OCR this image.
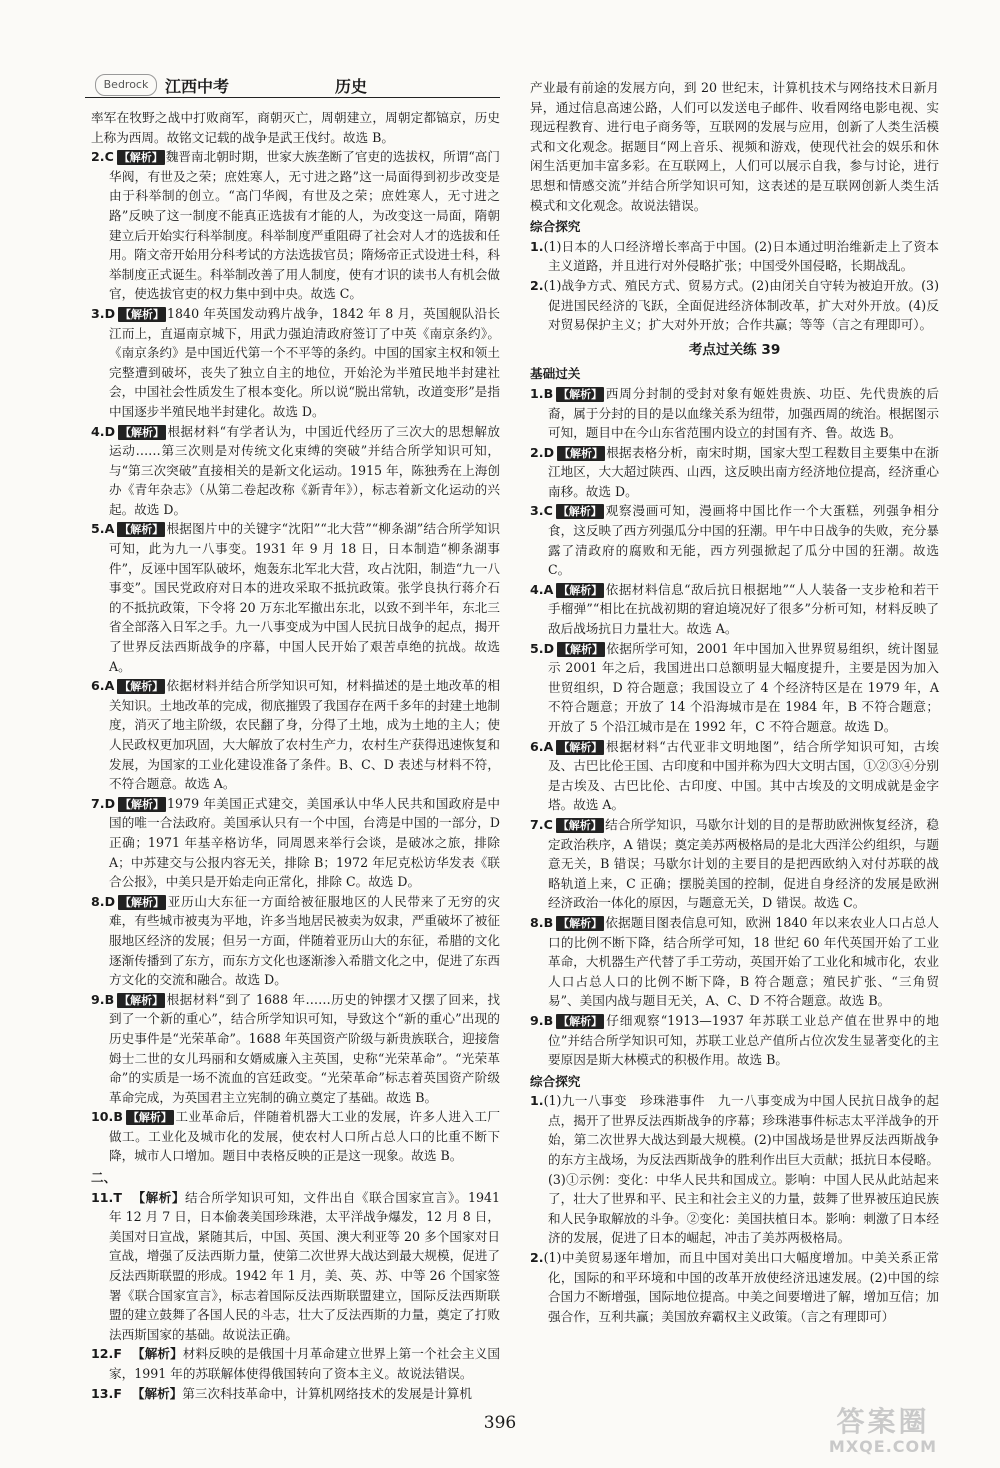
Bedrock	江西中考	历史

率军在牧野之战中打败商军，商朝灭亡，周朝建立，周朝定都镐京，历史上称为西周。故铭文记载的战争是武王伐纣。故选 B。

2.C 【解析】 魏晋南北朝时期，世家大族垄断了官吏的选拔权，所谓“高门华阀，有世及之荣；庶姓寒人，无寸进之路”这一局面得到初步改变是由于科举制的创立。“高门华阀，有世及之荣；庶姓寒人，无寸进之路”反映了这一制度不能真正选拔有才能的人，为改变这一局面，隋朝建立后开始实行科举制度。科举制度严重阻碍了社会对人才的选拔和任用。隋文帝开始用分科考试的方法选拔官员；隋炀帝正式设进士科，科举制度正式诞生。科举制改善了用人制度，使有才识的读书人有机会做官，使选拔官吏的权力集中到中央。故选 C。

3.D 【解析】 1840 年英国发动鸦片战争，1842 年 8 月，英国舰队沿长江而上，直逼南京城下，用武力强迫清政府签订了中英《南京条约》。《南京条约》是中国近代第一个不平等的条约。中国的国家主权和领土完整遭到破坏，丧失了独立自主的地位，开始沦为半殖民地半封建社会，中国社会性质发生了根本变化。所以说“脱出常轨，改道变形”是指中国逐步半殖民地半封建化。故选 D。

4.D 【解析】 根据材料“有学者认为，中国近代经历了三次大的思想解放运动……第三次则是对传统文化束缚的突破”并结合所学知识可知，与“第三次突破”直接相关的是新文化运动。1915 年，陈独秀在上海创办《青年杂志》（从第二卷起改称《新青年》），标志着新文化运动的兴起。故选 D。

5.A 【解析】 根据图片中的关键字“沈阳”“北大营”“柳条湖”结合所学知识可知，此为九一八事变。1931 年 9 月 18 日，日本制造“柳条湖事件”，反诬中国军队破坏，炮轰东北军北大营，攻占沈阳，制造“九一八事变”。国民党政府对日本的进攻采取不抵抗政策。张学良执行蒋介石的不抵抗政策，下令将 20 万东北军撤出东北，以致不到半年，东北三省全部落入日军之手。九一八事变成为中国人民抗日战争的起点，揭开了世界反法西斯战争的序幕，中国人民开始了艰苦卓绝的抗战。故选 A。

6.A 【解析】 依据材料并结合所学知识可知，材料描述的是土地改革的相关知识。土地改革的完成，彻底摧毁了我国存在两千多年的封建土地制度，消灭了地主阶级，农民翻了身，分得了土地，成为土地的主人；使人民政权更加巩固，大大解放了农村生产力，农村生产获得迅速恢复和发展，为国家的工业化建设准备了条件。B、C、D 表述与材料不符，不符合题意。故选 A。

7.D 【解析】 1979 年美国正式建交，美国承认中华人民共和国政府是中国的唯一合法政府。美国承认只有一个中国，台湾是中国的一部分，D 正确；1971 年基辛格访华，同周恩来举行会谈，是破冰之旅，排除 A；中苏建交与公报内容无关，排除 B；1972 年尼克松访华发表《联合公报》，中美只是开始走向正常化，排除 C。故选 D。

8.D 【解析】 亚历山大东征一方面给被征服地区的人民带来了无穷的灾难，有些城市被夷为平地，许多当地居民被卖为奴隶，严重破坏了被征服地区经济的发展；但另一方面，伴随着亚历山大的东征，希腊的文化逐渐传播到了东方，而东方文化也逐渐渗入希腊文化之中，促进了东西方文化的交流和融合。故选 D。

9.B 【解析】 根据材料“到了 1688 年……历史的钟摆才又摆了回来，找到了一个新的重心”，结合所学知识可知，导致这个“新的重心”出现的历史事件是“光荣革命”。1688 年英国资产阶级与新贵族联合，迎接詹姆士二世的女儿玛丽和女婿威廉入主英国，史称“光荣革命”。“光荣革命”的实质是一场不流血的宫廷政变。“光荣革命”标志着英国资产阶级革命完成，为英国君主立宪制的确立奠定了基础。故选 B。

10.B 【解析】 工业革命后，伴随着机器大工业的发展，许多人进入工厂做工。工业化及城市化的发展，使农村人口所占总人口的比重不断下降，城市人口增加。题目中表格反映的正是这一现象。故选 B。

二、

11.T 【解析】结合所学知识可知，文件出自《联合国家宣言》。1941 年 12 月 7 日，日本偷袭美国珍珠港，太平洋战争爆发，12 月 8 日，美国对日宣战，紧随其后，中国、英国、澳大利亚等 20 多个国家对日宣战，增强了反法西斯力量，使第二次世界大战达到最大规模，促进了反法西斯联盟的形成。1942 年 1 月，美、英、苏、中等 26 个国家签署《联合国家宣言》，标志着国际反法西斯联盟建立，国际反法西斯联盟的建立鼓舞了各国人民的斗志，壮大了反法西斯的力量，奠定了打败法西斯国家的基础。故说法正确。

12.F 【解析】材料反映的是俄国十月革命建立世界上第一个社会主义国家，1991 年的苏联解体使得俄国转向了资本主义。故说法错误。

13.F 【解析】第三次科技革命中，计算机网络技术的发展是计算机

产业最有前途的发展方向，到 20 世纪末，计算机技术与网络技术日新月异，通过信息高速公路，人们可以发送电子邮件、收看网络电影电视、实现远程教育、进行电子商务等，互联网的发展与应用，创新了人类生活模式和文化观念。据题目“网上音乐、视频和游戏，使现代社会的娱乐和休闲生活更加丰富多彩。在互联网上，人们可以展示自我，参与讨论，进行思想和情感交流”并结合所学知识可知，这表述的是互联网创新人类生活模式和文化观念。故说法错误。

综合探究

1.(1)日本的人口经济增长率高于中国。(2)日本通过明治维新走上了资本主义道路，并且进行对外侵略扩张；中国受外国侵略，长期战乱。

2.(1)战争方式、殖民方式、贸易方式。(2)由闭关自守转为被迫开放。(3)促进国民经济的飞跃，全面促进经济体制改革，扩大对外开放。(4)反对贸易保护主义；扩大对外开放；合作共赢；等等（言之有理即可）。

考点过关练 39
基础过关

1.B 【解析】 西周分封制的受封对象有姬姓贵族、功臣、先代贵族的后裔，属于分封的目的是以血缘关系为纽带，加强西周的统治。根据图示可知，题目中在今山东省范围内设立的封国有齐、鲁。故选 B。

2.D 【解析】 根据表格分析，南宋时期，国家大型工程数目主要集中在浙江地区，大大超过陕西、山西，这反映出南方经济地位提高，经济重心南移。故选 D。

3.C 【解析】 观察漫画可知，漫画将中国比作一个大蛋糕，列强争相分食，这反映了西方列强瓜分中国的狂潮。甲午中日战争的失败，充分暴露了清政府的腐败和无能，西方列强掀起了瓜分中国的狂潮。故选 C。

4.A 【解析】 依据材料信息“敌后抗日根据地”“人人装备一支步枪和若干手榴弹”“相比在抗战初期的窘迫境况好了很多”分析可知，材料反映了敌后战场抗日力量壮大。故选 A。

5.D 【解析】 依据所学可知，2001 年中国加入世界贸易组织，统计图显示 2001 年之后，我国进出口总额明显大幅度提升，主要是因为加入世贸组织，D 符合题意；我国设立了 4 个经济特区是在 1979 年，A 不符合题意；开放了 14 个沿海城市是在 1984 年，B 不符合题意；开放了 5 个沿江城市是在 1992 年，C 不符合题意。故选 D。

6.A 【解析】 根据材料“古代亚非文明地图”，结合所学知识可知，古埃及、古巴比伦王国、古印度和中国并称为四大文明古国，①②③④分别是古埃及、古巴比伦、古印度、中国。其中古埃及的文明成就是金字塔。故选 A。

7.C 【解析】 结合所学知识，马歇尔计划的目的是帮助欧洲恢复经济，稳定政治秩序，A 错误；奠定美苏两极格局的是北大西洋公约组织，与题意无关，B 错误；马歇尔计划的主要目的是把西欧纳入对付苏联的战略轨道上来，C 正确；摆脱美国的控制，促进自身经济的发展是欧洲经济政治一体化的原因，与题意无关，D 错误。故选 C。

8.B 【解析】 依据题目图表信息可知，欧洲 1840 年以来农业人口占总人口的比例不断下降，结合所学可知，18 世纪 60 年代英国开始了工业革命，大机器生产代替了手工劳动，英国开始了工业化和城市化，农业人口占总人口的比例不断下降，B 符合题意；殖民扩张、“三角贸易”、美国内战与题目无关，A、C、D 不符合题意。故选 B。

9.B 【解析】 仔细观察“1913—1937 年苏联工业总产值在世界中的地位”并结合所学知识可知，苏联工业总产值所占位次发生显著变化的主要原因是斯大林模式的积极作用。故选 B。

综合探究

1.(1)九一八事变　珍珠港事件　九一八事变成为中国人民抗日战争的起点，揭开了世界反法西斯战争的序幕；珍珠港事件标志太平洋战争的开始，第二次世界大战达到最大规模。(2)中国战场是世界反法西斯战争的东方主战场，为反法西斯战争的胜利作出巨大贡献；抵抗日本侵略。(3)①示例：变化：中华人民共和国成立。影响：中国人民从此站起来了，壮大了世界和平、民主和社会主义的力量，鼓舞了世界被压迫民族和人民争取解放的斗争。②变化：美国扶植日本。影响：刺激了日本经济的发展，促进了日本的崛起，冲击了美苏两极格局。

2.(1)中美贸易逐年增加，而且中国对美出口大幅度增加。中美关系正常化，国际的和平环境和中国的改革开放使经济迅速发展。(2)中国的综合国力不断增强，国际地位提高。中美之间要增进了解，增加互信；加强合作，互利共赢；美国放弃霸权主义政策。（言之有理即可）

396	答案圈
MXQE.COM
